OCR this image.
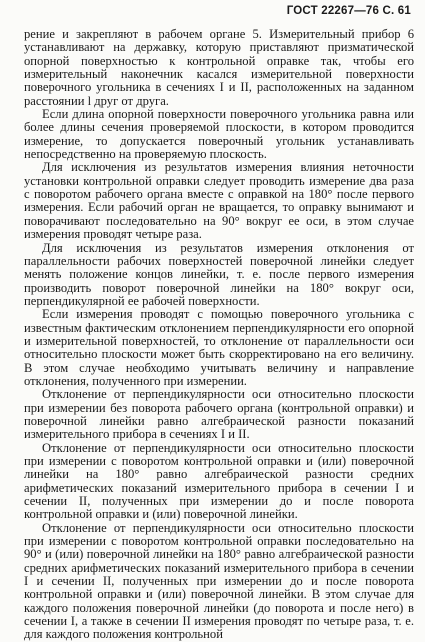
ГОСТ 22267—76 С. 61

рение и закрепляют в рабочем органе 5. Измерительный прибор 6 устанавливают на державку, которую приставляют призматической опорной поверхностью к контрольной оправке так, чтобы его измерительный наконечник касался измерительной поверхности поверочного угольника в сечениях I и II, расположенных на заданном расстоянии l друг от друга.

Если длина опорной поверхности поверочного угольника равна или более длины сечения проверяемой плоскости, в котором проводится измерение, то допускается поверочный угольник устанавливать непосредственно на проверяемую плоскость.

Для исключения из результатов измерения влияния неточности установки контрольной оправки следует проводить измерение два раза с поворотом рабочего органа вместе с оправкой на 180° после первого измерения. Если рабочий орган не вращается, то оправку вынимают и поворачивают последовательно на 90° вокруг ее оси, в этом случае измерения проводят четыре раза.

Для исключения из результатов измерения отклонения от параллельности рабочих поверхностей поверочной линейки следует менять положение концов линейки, т. е. после первого измерения производить поворот поверочной линейки на 180° вокруг оси, перпендикулярной ее рабочей поверхности.

Если измерения проводят с помощью поверочного угольника с известным фактическим отклонением перпендикулярности его опорной и измерительной поверхностей, то отклонение от параллельности оси относительно плоскости может быть скорректировано на его величину. В этом случае необходимо учитывать величину и направление отклонения, полученного при измерении.

Отклонение от перпендикулярности оси относительно плоскости при измерении без поворота рабочего органа (контрольной оправки) и поверочной линейки равно алгебраической разности показаний измерительного прибора в сечениях I и II.

Отклонение от перпендикулярности оси относительно плоскости при измерении с поворотом контрольной оправки и (или) поверочной линейки на 180° равно алгебраической разности средних арифметических показаний измерительного прибора в сечении I и сечении II, полученных при измерении до и после поворота контрольной оправки и (или) поверочной линейки.

Отклонение от перпендикулярности оси относительно плоскости при измерении с поворотом контрольной оправки последовательно на 90° и (или) поверочной линейки на 180° равно алгебраической разности средних арифметических показаний измерительного прибора в сечении I и сечении II, полученных при измерении до и после поворота контрольной оправки и (или) поверочной линейки. В этом случае для каждого положения поверочной линейки (до поворота и после него) в сечении I, а также в сечении II измерения проводят по четыре раза, т. е. для каждого положения контрольной
